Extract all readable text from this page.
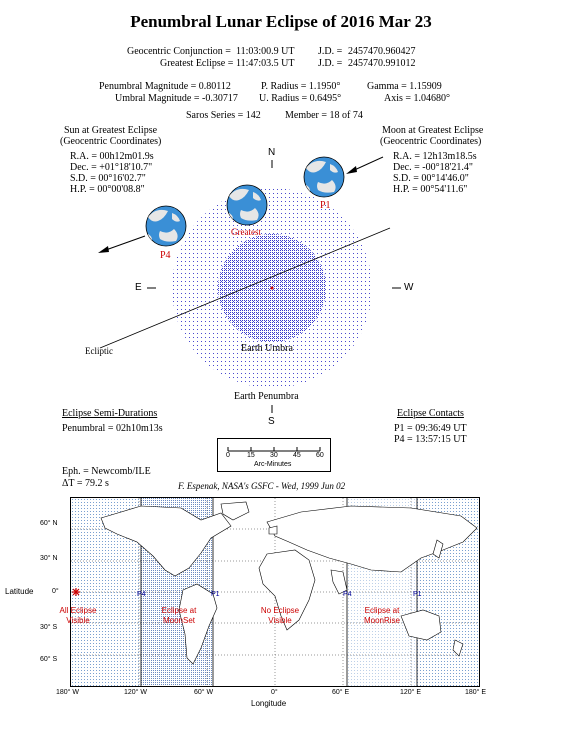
Penumbral Lunar Eclipse of 2016 Mar 23
Geocentric Conjunction = 11:03:00.9 UT J.D. = 2457470.960427
Greatest Eclipse = 11:47:03.5 UT J.D. = 2457470.991012
Penumbral Magnitude = 0.80112	P. Radius = 1.1950°	Gamma = 1.15909
Umbral Magnitude = -0.30717 U. Radius = 0.6495°	Axis = 1.04680°
Saros Series = 142 Member = 18 of 74
Sun at Greatest Eclipse
(Geocentric Coordinates)
R.A. = 00h12m01.9s
Dec. = +01°18'10.7"
S.D. = 00°16'02.7"
H.P. = 00°00'08.8"
Moon at Greatest Eclipse
(Geocentric Coordinates)
R.A. = 12h13m18.5s
Dec. = -00°18'21.4"
S.D. = 00°14'46.0"
H.P. = 00°54'11.6"
N
S
E	W
P1
Greatest
P4
Earth Umbra
Earth Penumbra
Ecliptic
Eclipse Semi-Durations
Penumbral = 02h10m13s
Eclipse Contacts
P1 = 09:36:49 UT
P4 = 13:57:15 UT
0 15 30 45 60
Arc-Minutes
Eph. = Newcomb/ILE
ΔT = 79.2 s	F. Espenak, NASA's GSFC - Wed, 1999 Jun 02
P4	P1	P4	P1
All Eclipse
Visible
Eclipse at
MoonSet
No Eclipse
Visible
Eclipse at
MoonRise
60° N
30° N
0°
30° S
60° S
Latitude
180° W	120° W	60° W	0°	60° E	120° E	180° E
Longitude
